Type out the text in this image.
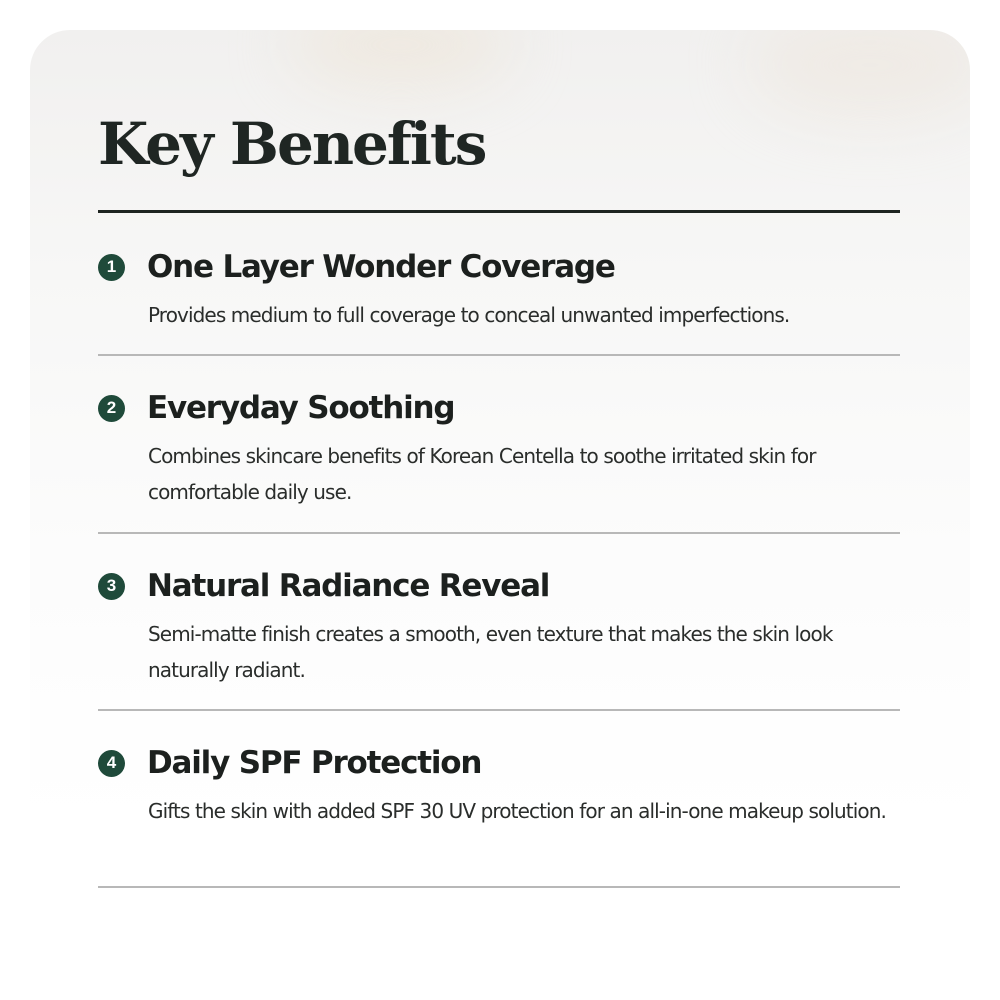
Key Benefits
1 One Layer Wonder Coverage

Provides medium to full coverage to conceal unwanted imperfections.

2 Everyday Soothing

Combines skincare benefits of Korean Centella to soothe irritated skin for comfortable daily use.

3 Natural Radiance Reveal

Semi-matte finish creates a smooth, even texture that makes the skin look naturally radiant.

4 Daily SPF Protection

Gifts the skin with added SPF 30 UV protection for an all-in-one makeup solution.
